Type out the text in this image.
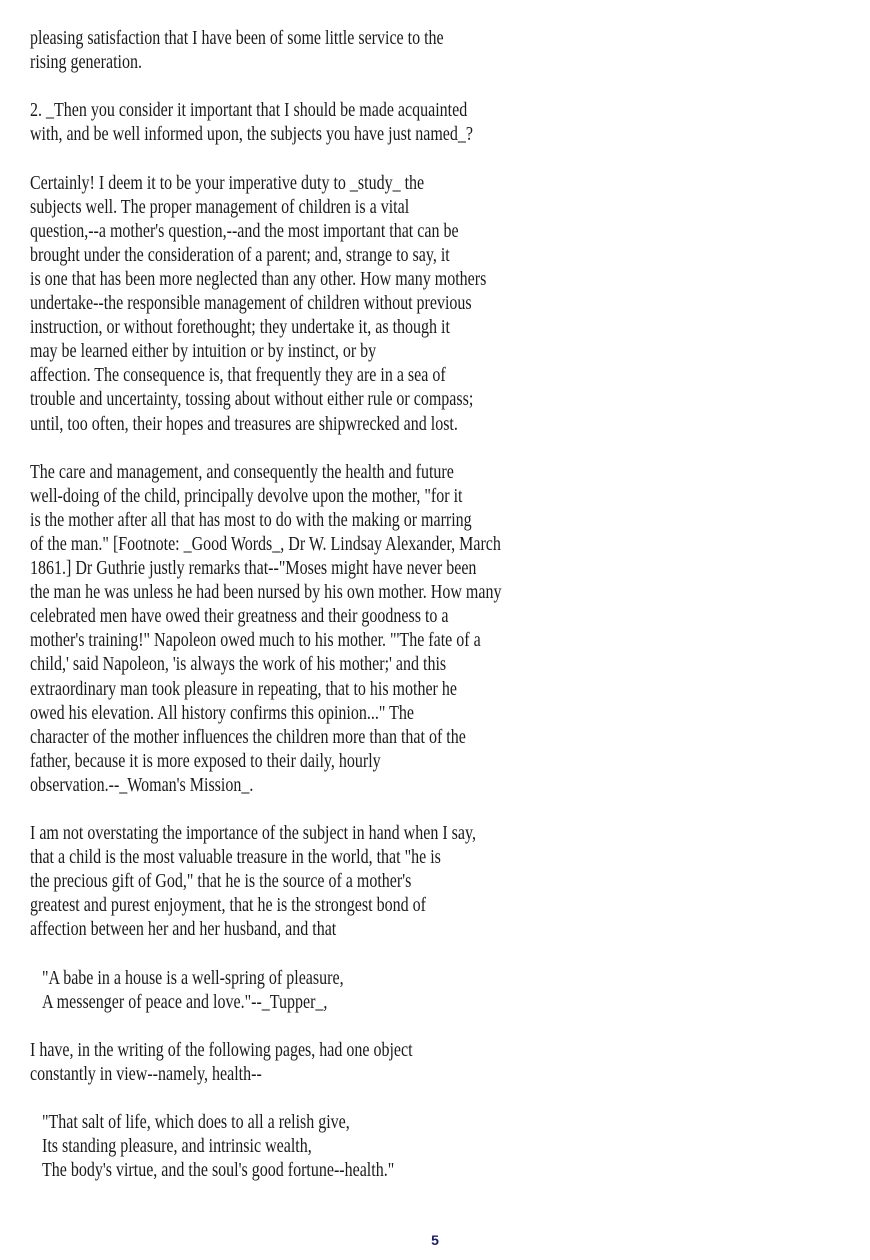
pleasing satisfaction that I have been of some little service to the
rising generation.
2. _Then you consider it important that I should be made acquainted
with, and be well informed upon, the subjects you have just named_?
Certainly! I deem it to be your imperative duty to _study_ the
subjects well. The proper management of children is a vital
question,--a mother's question,--and the most important that can be
brought under the consideration of a parent; and, strange to say, it
is one that has been more neglected than any other. How many mothers
undertake--the responsible management of children without previous
instruction, or without forethought; they undertake it, as though it
may be learned either by intuition or by instinct, or by
affection. The consequence is, that frequently they are in a sea of
trouble and uncertainty, tossing about without either rule or compass;
until, too often, their hopes and treasures are shipwrecked and lost.
The care and management, and consequently the health and future
well-doing of the child, principally devolve upon the mother, "for it
is the mother after all that has most to do with the making or marring
of the man." [Footnote: _Good Words_, Dr W. Lindsay Alexander, March
1861.] Dr Guthrie justly remarks that--"Moses might have never been
the man he was unless he had been nursed by his own mother. How many
celebrated men have owed their greatness and their goodness to a
mother's training!" Napoleon owed much to his mother. "'The fate of a
child,' said Napoleon, 'is always the work of his mother;' and this
extraordinary man took pleasure in repeating, that to his mother he
owed his elevation. All history confirms this opinion..." The
character of the mother influences the children more than that of the
father, because it is more exposed to their daily, hourly
observation.--_Woman's Mission_.
I am not overstating the importance of the subject in hand when I say,
that a child is the most valuable treasure in the world, that "he is
the precious gift of God," that he is the source of a mother's
greatest and purest enjoyment, that he is the strongest bond of
affection between her and her husband, and that
"A babe in a house is a well-spring of pleasure,
A messenger of peace and love."--_Tupper_,
I have, in the writing of the following pages, had one object
constantly in view--namely, health--
"That salt of life, which does to all a relish give,
Its standing pleasure, and intrinsic wealth,
The body's virtue, and the soul's good fortune--health."
5
